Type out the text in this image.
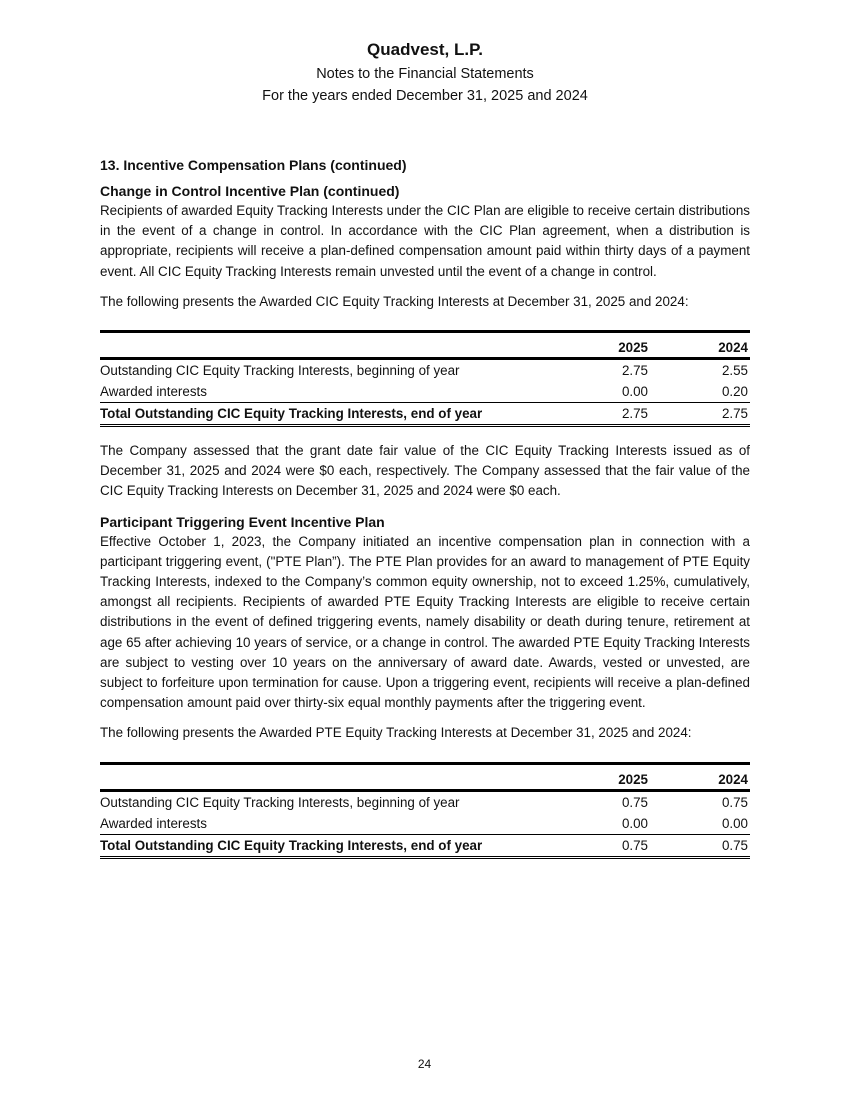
Quadvest, L.P.
Notes to the Financial Statements
For the years ended December 31, 2025 and 2024
13. Incentive Compensation Plans (continued)
Change in Control Incentive Plan (continued)

Recipients of awarded Equity Tracking Interests under the CIC Plan are eligible to receive certain distributions in the event of a change in control. In accordance with the CIC Plan agreement, when a distribution is appropriate, recipients will receive a plan-defined compensation amount paid within thirty days of a payment event. All CIC Equity Tracking Interests remain unvested until the event of a change in control.

The following presents the Awarded CIC Equity Tracking Interests at December 31, 2025 and 2024:

	2025	2024
Outstanding CIC Equity Tracking Interests, beginning of year	2.75	2.55
Awarded interests	0.00	0.20
Total Outstanding CIC Equity Tracking Interests, end of year	2.75	2.75

The Company assessed that the grant date fair value of the CIC Equity Tracking Interests issued as of December 31, 2025 and 2024 were $0 each, respectively. The Company assessed that the fair value of the CIC Equity Tracking Interests on December 31, 2025 and 2024 were $0 each.

Participant Triggering Event Incentive Plan

Effective October 1, 2023, the Company initiated an incentive compensation plan in connection with a participant triggering event, ("PTE Plan”). The PTE Plan provides for an award to management of PTE Equity Tracking Interests, indexed to the Company’s common equity ownership, not to exceed 1.25%, cumulatively, amongst all recipients. Recipients of awarded PTE Equity Tracking Interests are eligible to receive certain distributions in the event of defined triggering events, namely disability or death during tenure, retirement at age 65 after achieving 10 years of service, or a change in control. The awarded PTE Equity Tracking Interests are subject to vesting over 10 years on the anniversary of award date. Awards, vested or unvested, are subject to forfeiture upon termination for cause. Upon a triggering event, recipients will receive a plan-defined compensation amount paid over thirty-six equal monthly payments after the triggering event.

The following presents the Awarded PTE Equity Tracking Interests at December 31, 2025 and 2024:

	2025	2024
Outstanding CIC Equity Tracking Interests, beginning of year	0.75	0.75
Awarded interests	0.00	0.00
Total Outstanding CIC Equity Tracking Interests, end of year	0.75	0.75
24
